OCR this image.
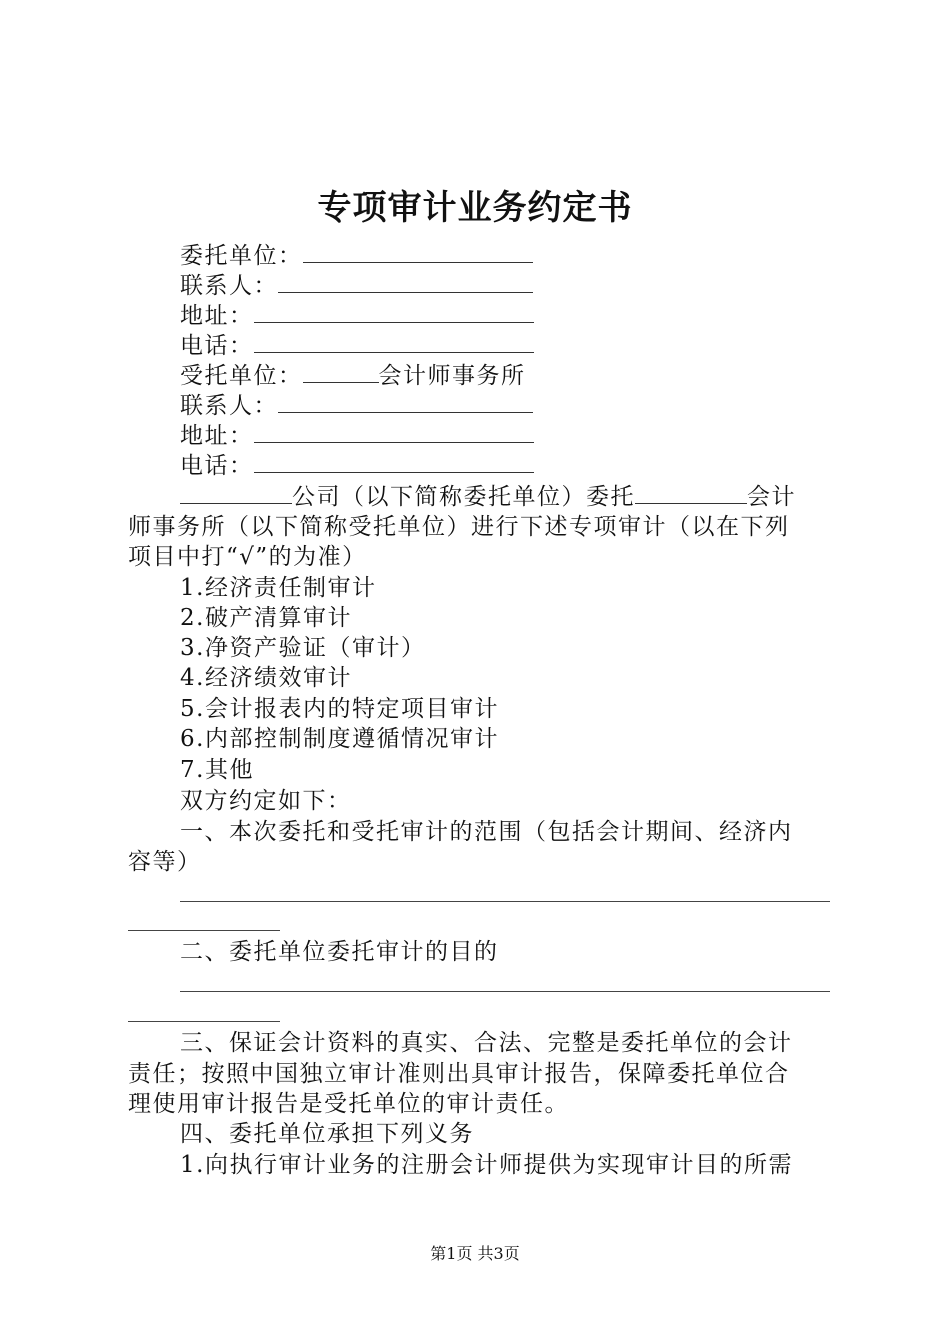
专项审计业务约定书
委托单位：
联系人：
地址：
电话：
受托单位：	会计师事务所
联系人：
地址：
电话：
公司（以下简称委托单位）委托	会计
师事务所（以下简称受托单位）进行下述专项审计（以在下列
项目中打“√”的为准）
1.经济责任制审计
2.破产清算审计
3.净资产验证（审计）
4.经济绩效审计
5.会计报表内的特定项目审计
6.内部控制制度遵循情况审计
7.其他
双方约定如下：
一、本次委托和受托审计的范围（包括会计期间、经济内
容等）
二、委托单位委托审计的目的
三、保证会计资料的真实、合法、完整是委托单位的会计
责任；按照中国独立审计准则出具审计报告，保障委托单位合
理使用审计报告是受托单位的审计责任。
四、委托单位承担下列义务
1.向执行审计业务的注册会计师提供为实现审计目的所需
第1页 共3页
